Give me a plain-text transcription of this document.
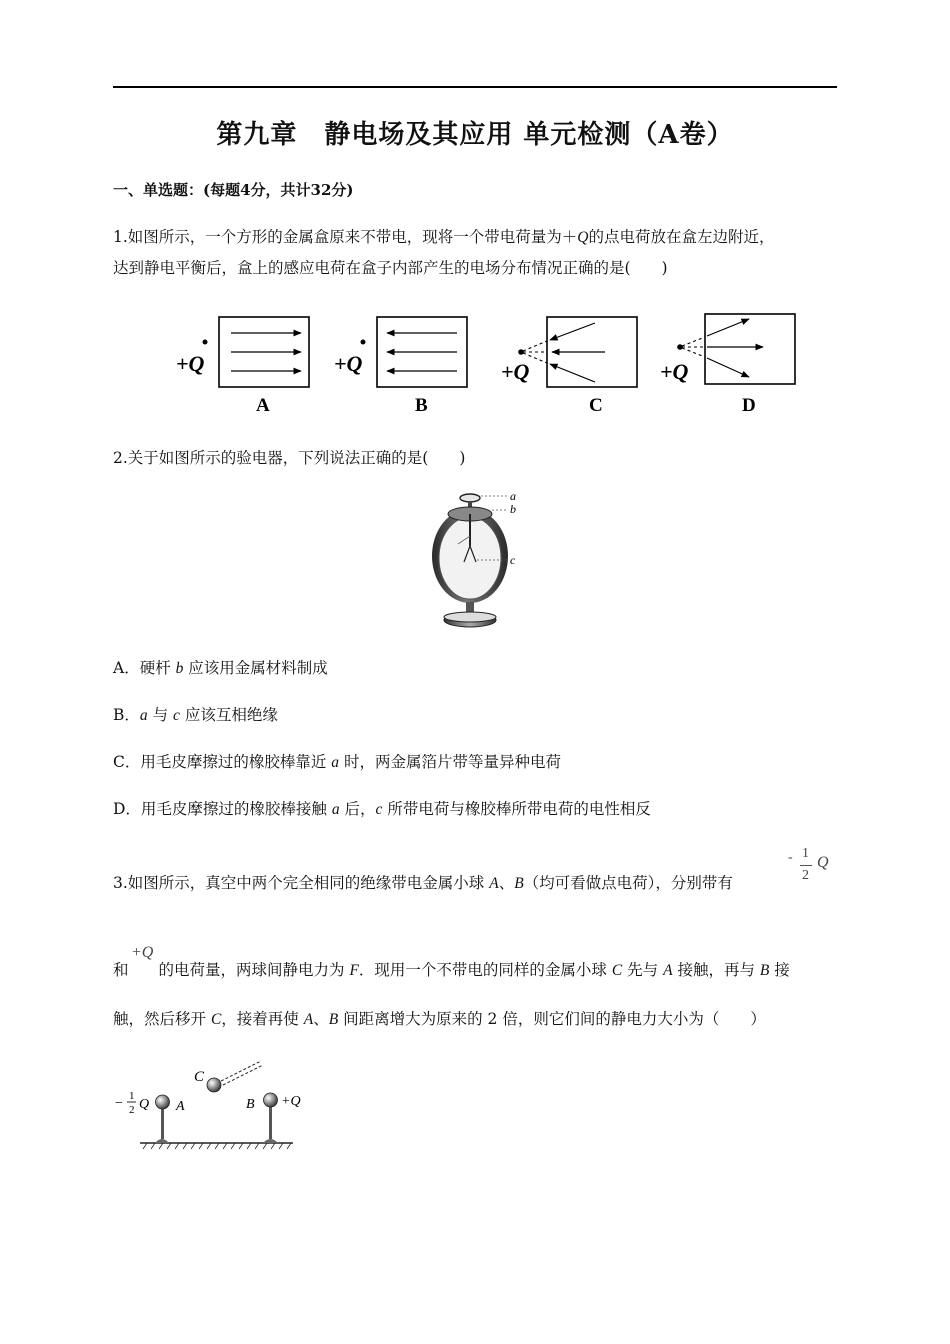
第九章　静电场及其应用 单元检测（A卷）
一、单选题：(每题4分，共计32分)
1.如图所示，一个方形的金属盒原来不带电，现将一个带电荷量为＋Q的点电荷放在盒左边附近，
达到静电平衡后，盒上的感应电荷在盒子内部产生的电场分布情况正确的是(　　)
+Q
A
+Q
B
+Q
C
+Q
D
2.关于如图所示的验电器，下列说法正确的是(　　)
a
b
c
A．硬杆 b 应该用金属材料制成
B．a 与 c 应该互相绝缘
C．用毛皮摩擦过的橡胶棒靠近 a 时，两金属箔片带等量异种电荷
D．用毛皮摩擦过的橡胶棒接触 a 后，c 所带电荷与橡胶棒所带电荷的电性相反
3.如图所示，真空中两个完全相同的绝缘带电金属小球 A、B（均可看做点电荷），分别带有
- 1
2
Q
+Q
和 的电荷量，两球间静电力为 F．现用一个不带电的同样的金属小球 C 先与 A 接触，再与 B 接
触，然后移开 C，接着再使 A、B 间距离增大为原来的 2 倍，则它们间的静电力大小为（　　）
C
A	B
− 1
2 Q	+Q
